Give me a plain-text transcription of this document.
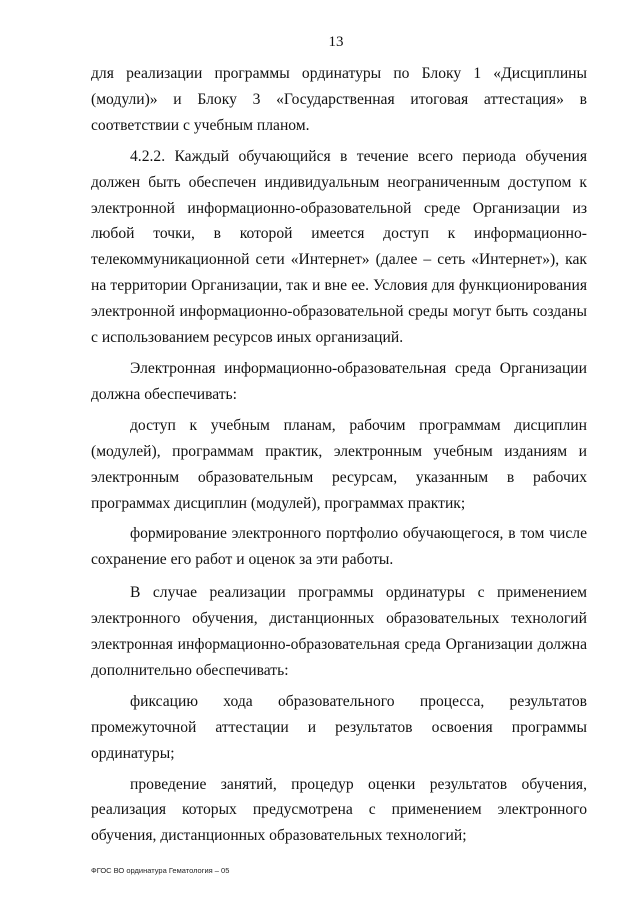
13

для реализации программы ординатуры по Блоку 1 «Дисциплины (модули)» и Блоку 3 «Государственная итоговая аттестация» в соответствии с учебным планом.

4.2.2. Каждый обучающийся в течение всего периода обучения должен быть обеспечен индивидуальным неограниченным доступом к электронной информационно-образовательной среде Организации из любой точки, в которой имеется доступ к информационно-телекоммуникационной сети «Интернет» (далее – сеть «Интернет»), как на территории Организации, так и вне ее. Условия для функционирования электронной информационно-образовательной среды могут быть созданы с использованием ресурсов иных организаций.

Электронная информационно-образовательная среда Организации должна обеспечивать:

доступ к учебным планам, рабочим программам дисциплин (модулей), программам практик, электронным учебным изданиям и электронным образовательным ресурсам, указанным в рабочих программах дисциплин (модулей), программах практик;

формирование электронного портфолио обучающегося, в том числе сохранение его работ и оценок за эти работы.

В случае реализации программы ординатуры с применением электронного обучения, дистанционных образовательных технологий электронная информационно-образовательная среда Организации должна дополнительно обеспечивать:

фиксацию хода образовательного процесса, результатов промежуточной аттестации и результатов освоения программы ординатуры;

проведение занятий, процедур оценки результатов обучения, реализация которых предусмотрена с применением электронного обучения, дистанционных образовательных технологий;

ФГОС ВО ординатура Гематология – 05
